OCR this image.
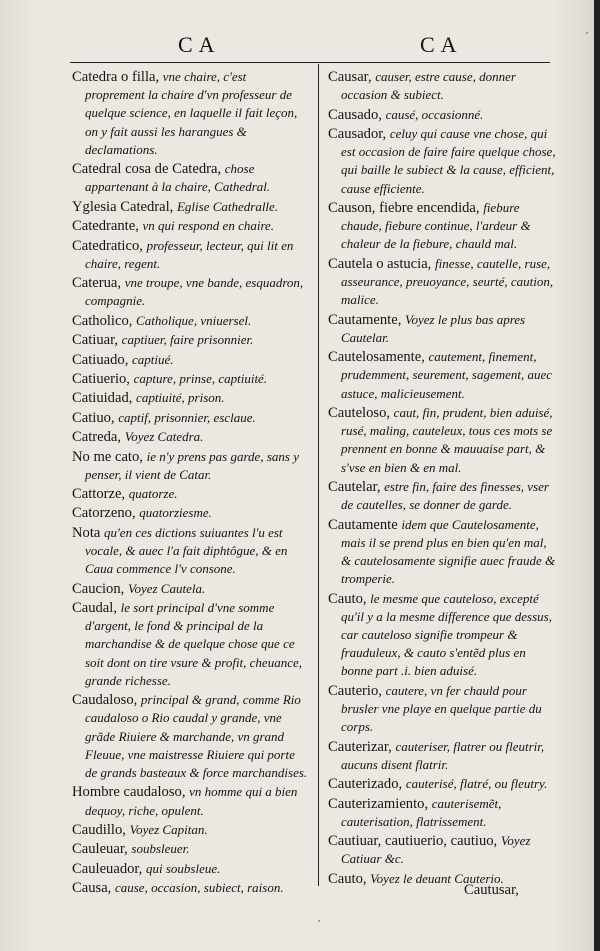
CA	CA

Catedra o filla, vne chaire, c'est proprement la chaire d'vn professeur de quelque science, en laquelle il fait leçon, on y fait aussi les harangues & declamations.

Catedral cosa de Catedra, chose appartenant à la chaire, Cathedral.

Yglesia Catedral, Eglise Cathedralle.

Catedrante, vn qui respond en chaire.

Catedratico, professeur, lecteur, qui lit en chaire, regent.

Caterua, vne troupe, vne bande, esquadron, compagnie.

Catholico, Catholique, vniuersel.

Catiuar, captiuer, faire prisonnier.

Catiuado, captiué.

Catiuerio, capture, prinse, captiuité.

Catiuidad, captiuité, prison.

Catiuo, captif, prisonnier, esclaue.

Catreda, Voyez Catedra.

No me cato, ie n'y prens pas garde, sans y penser, il vient de Catar.

Cattorze, quatorze.

Catorzeno, quatorziesme.

Nota qu'en ces dictions suiuantes l'u est vocale, & auec l'a fait diphtôgue, & en Caua commence l'v consone.

Caucion, Voyez Cautela.

Caudal, le sort principal d'vne somme d'argent, le fond & principal de la marchandise & de quelque chose que ce soit dont on tire vsure & profit, cheuance, grande richesse.

Caudaloso, principal & grand, comme Rio caudaloso o Rio caudal y grande, vne grãde Riuiere & marchande, vn grand Fleuue, vne maistresse Riuiere qui porte de grands basteaux & force marchandises.

Hombre caudaloso, vn homme qui a bien dequoy, riche, opulent.

Caudillo, Voyez Capitan.

Cauleuar, soubsleuer.

Cauleuador, qui soubsleue.

Causa, cause, occasion, subiect, raison.

Causar, causer, estre cause, donner occasion & subiect.

Causado, causé, occasionné.

Causador, celuy qui cause vne chose, qui est occasion de faire faire quelque chose, qui baille le subiect & la cause, efficient, cause efficiente.

Causon, fiebre encendida, fiebure chaude, fiebure continue, l'ardeur & chaleur de la fiebure, chauld mal.

Cautela o astucia, finesse, cautelle, ruse, asseurance, preuoyance, seurté, caution, malice.

Cautamente, Voyez le plus bas apres Cautelar.

Cautelosamente, cautement, finement, prudemment, seurement, sagement, auec astuce, malicieusement.

Cauteloso, caut, fin, prudent, bien aduisé, rusé, maling, cauteleux, tous ces mots se prennent en bonne & mauuaise part, & s'vse en bien & en mal.

Cautelar, estre fin, faire des finesses, vser de cautelles, se donner de garde.

Cautamente idem que Cautelosamente, mais il se prend plus en bien qu'en mal, & cautelosamente signifie auec fraude & tromperie.

Cauto, le mesme que cauteloso, excepté qu'il y a la mesme difference que dessus, car cauteloso signifie trompeur & frauduleux, & cauto s'entẽd plus en bonne part .i. bien aduisé.

Cauterio, cautere, vn fer chauld pour brusler vne playe en quelque partie du corps.

Cauterizar, cauteriser, flatrer ou fleutrir, aucuns disent flatrir.

Cauterizado, cauterisé, flatré, ou fleutry.

Cauterizamiento, cauterisemẽt, cauterisation, flatrissement.

Cautiuar, cautiuerio, cautiuo, Voyez Catiuar &c.

Cauto, Voyez le deuant Cauterio.

Cautusar,
